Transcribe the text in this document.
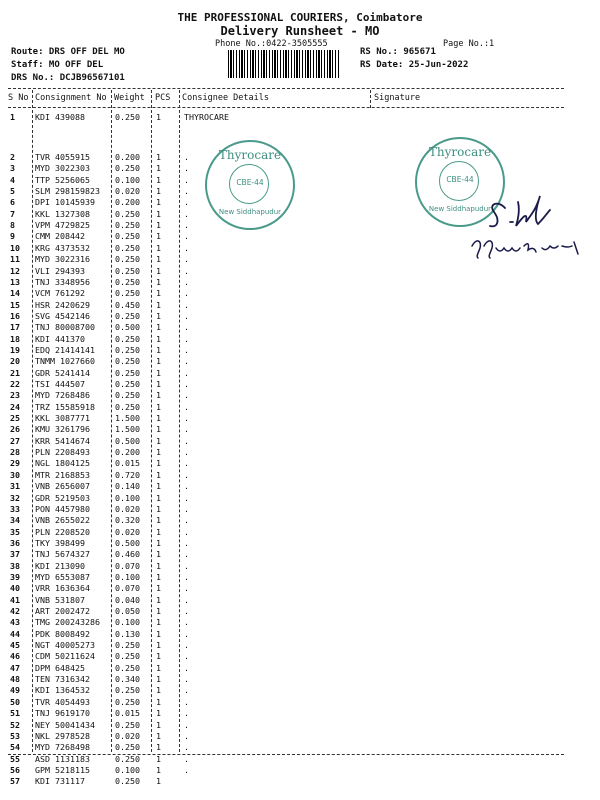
THE PROFESSIONAL COURIERS, Coimbatore
Delivery Runsheet - MO
Phone No.:0422-3505555	Page No.:1
Route: DRS OFF DEL MO
Staff: MO OFF DEL
DRS No.: DCJB96567101
RS No.: 965671
RS Date: 25-Jun-2022
S No Consignment No Weight PCS Consignee Details	Signature
1 KDI 439088	0.250 1	THYROCARE
2 TVR 4055915	0.200 1	.
3 MYD 3022303	0.250 1	.
4 TTP 5256065	0.100 1	.
5 SLM 298159823 0.020 1	.
6 DPI 10145939 0.200 1	.
7 KKL 1327308	0.250 1	.
8 VPM 4729825	0.250 1	.
9 CMM 208442	0.250 1	.
10 KRG 4373532	0.250 1	.
11 MYD 3022316	0.250 1	.
12 VLI 294393	0.250 1	.
13 TNJ 3348956	0.250 1	.
14 VCM 761292	0.250 1	.
15 HSR 2420629	0.450 1	.
16 SVG 4542146	0.250 1	.
17 TNJ 80008700 0.500 1	.
18 KDI 441370	0.250 1	.
19 EDQ 21414141 0.250 1	.
20 TNMM 1027660 0.250 1	.
21 GDR 5241414	0.250 1	.
22 TSI 444507	0.250 1	.
23 MYD 7268486	0.250 1	.
24 TRZ 15585918 0.250 1	.
25 KKL 3087771	1.500 1	.
26 KMU 3261796	1.500 1	.
27 KRR 5414674	0.500 1	.
28 PLN 2208493	0.200 1	.
29 NGL 1804125	0.015 1	.
30 MTR 2168853	0.720 1	.
31 VNB 2656007	0.140 1	.
32 GDR 5219503	0.100 1	.
33 PON 4457980	0.020 1	.
34 VNB 2655022	0.320 1	.
35 PLN 2208520	0.020 1	.
36 TKY 398499	0.500 1	.
37 TNJ 5674327	0.460 1	.
38 KDI 213090	0.070 1	.
39 MYD 6553087	0.100 1	.
40 VRR 1636364	0.070 1	.
41 VNB 531807	0.040 1	.
42 ART 2002472	0.050 1	.
43 TMG 200243286 0.100 1	.
44 PDK 8008492	0.130 1	.
45 NGT 40005273 0.250 1	.
46 CDM 50211624 0.250 1	.
47 DPM 648425	0.250 1	.
48 TEN 7316342	0.340 1	.
49 KDI 1364532	0.250 1	.
50 TVR 4054493	0.250 1	.
51 TNJ 9619170	0.015 1	.
52 NEY 50041434 0.250 1	.
53 NKL 2978528	0.020 1	.
54 MYD 7268498	0.250 1	.
55 ASD 1131183	0.250 1	.
56 GPM 5218115	0.100 1	.
57 KDI 731117	0.250 1
Thyrocare
CBE-44
New Siddhapudur
Thyrocare
CBE-44
New Siddhapudur
